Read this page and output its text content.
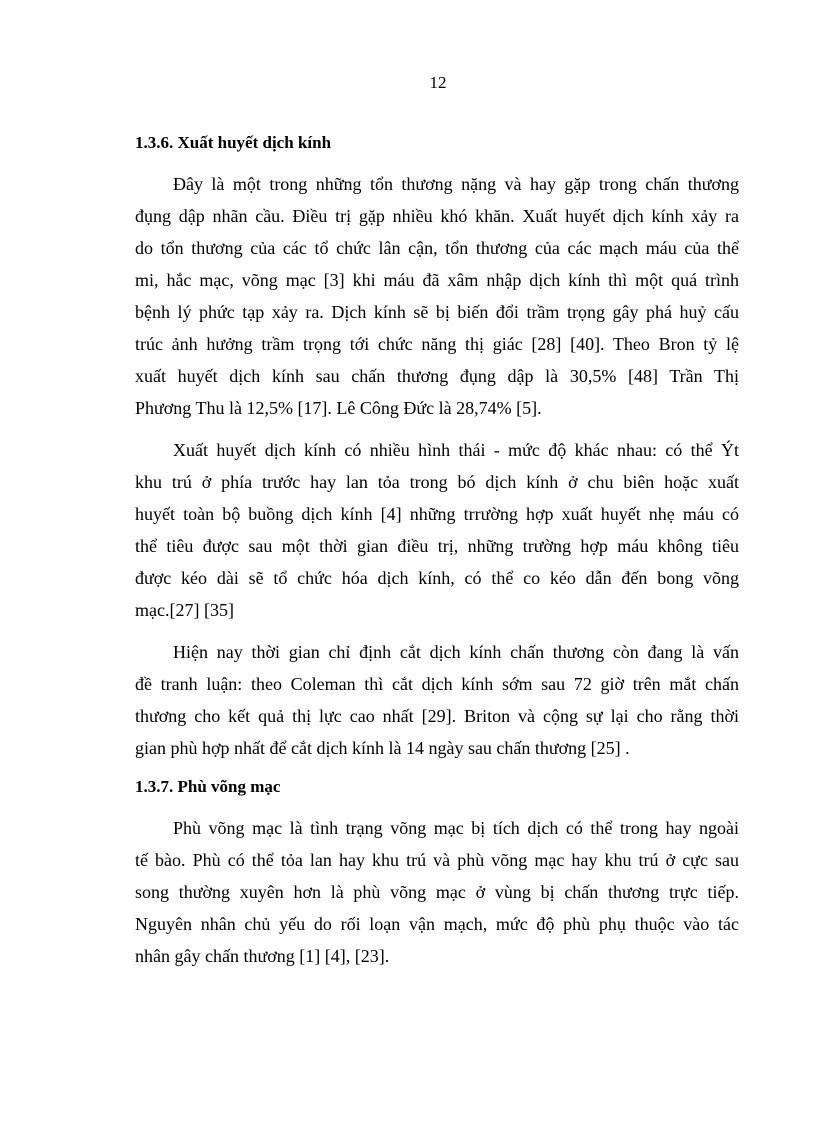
12
1.3.6. Xuất huyết dịch kính
Đây là một trong những tổn thương nặng và hay gặp trong chấn thương
đụng dập nhãn cầu. Điều trị gặp nhiều khó khăn. Xuất huyết dịch kính xảy ra
do tổn thương của các tổ chức lân cận, tổn thương của các mạch máu của thể
mi, hắc mạc, võng mạc [3] khi máu đã xâm nhập dịch kính thì một quá trình
bệnh lý phức tạp xảy ra. Dịch kính sẽ bị biến đổi trầm trọng gây phá huỷ cấu
trúc ảnh hưởng trầm trọng tới chức năng thị giác [28] [40]. Theo Bron tỷ lệ
xuất huyết dịch kính sau chấn thương đụng dập là 30,5% [48] Trần Thị
Phương Thu là 12,5% [17]. Lê Công Đức là 28,74% [5].
Xuất huyết dịch kính có nhiều hình thái - mức độ khác nhau: có thể Ýt
khu trú ở phía trước hay lan tỏa trong bó dịch kính ở chu biên hoặc xuất
huyết toàn bộ buồng dịch kính [4] những trrường hợp xuất huyết nhẹ máu có
thể tiêu được sau một thời gian điều trị, những trường hợp máu không tiêu
được kéo dài sẽ tổ chức hóa dịch kính, có thể co kéo dẫn đến bong võng
mạc.[27] [35]
Hiện nay thời gian chỉ định cắt dịch kính chấn thương còn đang là vấn
đề tranh luận: theo Coleman thì cắt dịch kính sớm sau 72 giờ trên mắt chấn
thương cho kết quả thị lực cao nhất [29]. Briton và cộng sự lại cho rằng thời
gian phù hợp nhất để cắt dịch kính là 14 ngày sau chấn thương [25] .
1.3.7. Phù võng mạc
Phù võng mạc là tình trạng võng mạc bị tích dịch có thể trong hay ngoài
tế bào. Phù có thể tỏa lan hay khu trú và phù võng mạc hay khu trú ở cực sau
song thường xuyên hơn là phù võng mạc ở vùng bị chấn thương trực tiếp.
Nguyên nhân chủ yếu do rối loạn vận mạch, mức độ phù phụ thuộc vào tác
nhân gây chấn thương [1] [4], [23].
